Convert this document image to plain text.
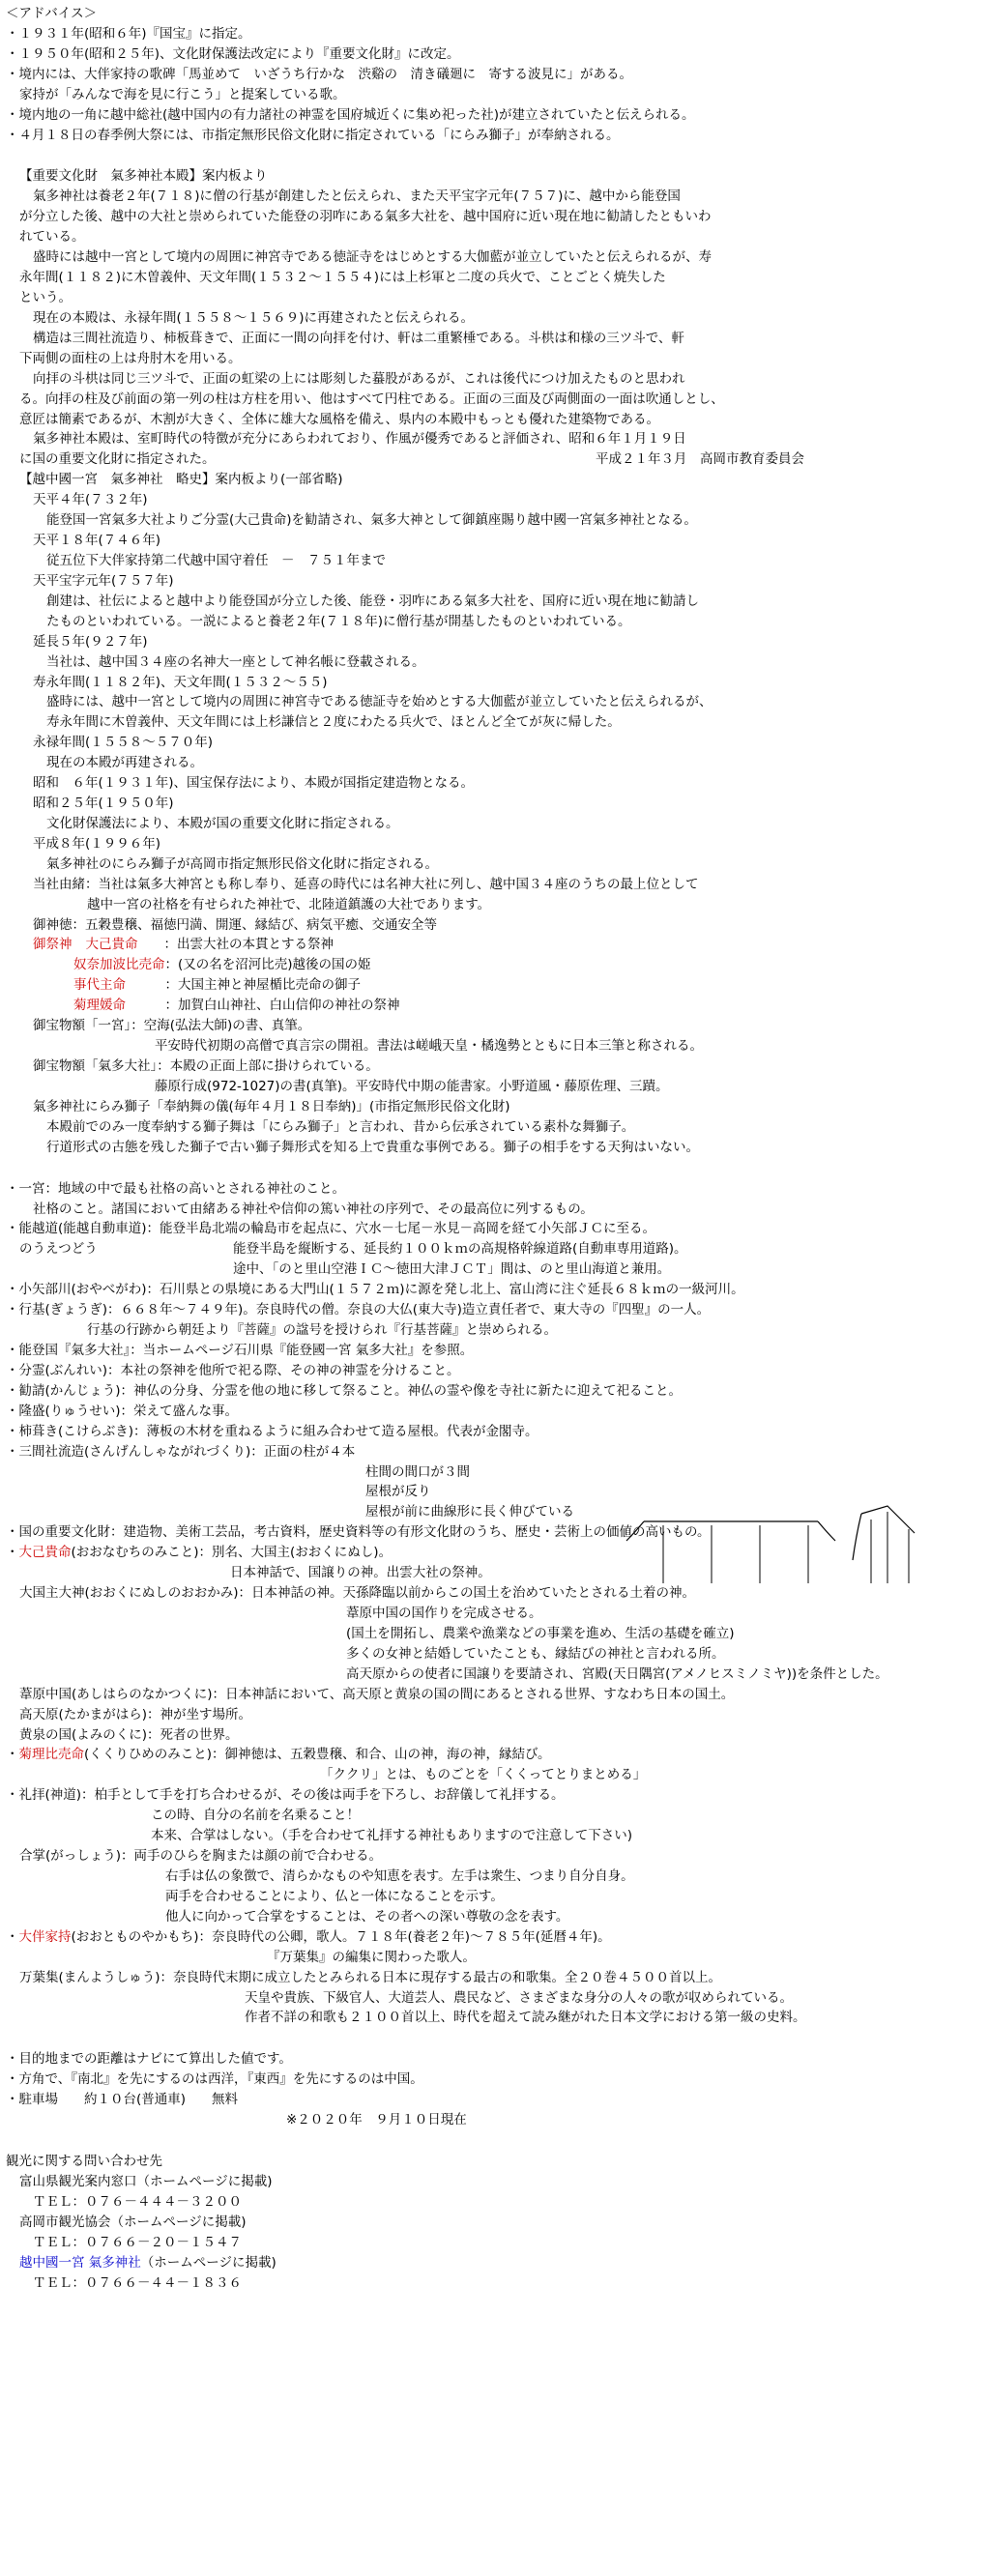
＜アドバイス＞
・１９３１年(昭和６年)『国宝』に指定。
・１９５０年(昭和２５年)、文化財保護法改定により『重要文化財』に改定。
・境内には、大伴家持の歌碑「馬並めて　いざうち行かな　渋谿の　清き礒廻に　寄する波見に」がある。
家持が「みんなで海を見に行こう」と提案している歌。
・境内地の一角に越中総社(越中国内の有力諸社の神霊を国府城近くに集め祀った社)が建立されていたと伝えられる。
・４月１８日の春季例大祭には、市指定無形民俗文化財に指定されている「にらみ獅子」が奉納される。
【重要文化財　氣多神社本殿】案内板より
氣多神社は養老２年(７１８)に僧の行基が創建したと伝えられ、また天平宝字元年(７５７)に、越中から能登国
が分立した後、越中の大社と崇められていた能登の羽咋にある氣多大社を、越中国府に近い現在地に勧請したともいわ
れている。
盛時には越中一宮として境内の周囲に神宮寺である徳証寺をはじめとする大伽藍が並立していたと伝えられるが、寿
永年間(１１８２)に木曽義仲、天文年間(１５３２～１５５４)には上杉軍と二度の兵火で、ことごとく焼失した
という。
現在の本殿は、永禄年間(１５５８～１５６９)に再建されたと伝えられる。
構造は三間社流造り、柿板葺きで、正面に一間の向拝を付け、軒は二重繁棰である。斗栱は和様の三ツ斗で、軒
下両側の面柱の上は舟肘木を用いる。
向拝の斗栱は同じ三ツ斗で、正面の虹梁の上には彫刻した蟇股があるが、これは後代につけ加えたものと思われ
る。向拝の柱及び前面の第一列の柱は方柱を用い、他はすべて円柱である。正面の三面及び両側面の一面は吹通しとし、
意匠は簡素であるが、木割が大きく、全体に雄大な風格を備え、県内の本殿中もっとも優れた建築物である。
氣多神社本殿は、室町時代の特徴が充分にあらわれており、作風が優秀であると評価され、昭和６年１月１９日
に国の重要文化財に指定された。	平成２１年３月　高岡市教育委員会
【越中國一宮　氣多神社　略史】案内板より(一部省略)
天平４年(７３２年)
能登国一宮氣多大社よりご分霊(大己貴命)を勧請され、氣多大神として御鎮座賜り越中國一宮氣多神社となる。
天平１８年(７４６年)
従五位下大伴家持第二代越中国守着任　－　７５１年まで
天平宝字元年(７５７年)
創建は、社伝によると越中より能登国が分立した後、能登・羽咋にある氣多大社を、国府に近い現在地に勧請し
たものといわれている。一説によると養老２年(７１８年)に僧行基が開基したものといわれている。
延長５年(９２７年)
当社は、越中国３４座の名神大一座として神名帳に登載される。
寿永年間(１１８２年)、天文年間(１５３２～５５)
盛時には、越中一宮として境内の周囲に神宮寺である徳証寺を始めとする大伽藍が並立していたと伝えられるが、
寿永年間に木曽義仲、天文年間には上杉謙信と２度にわたる兵火で、ほとんど全てが灰に帰した。
永禄年間(１５５８～５７０年)
現在の本殿が再建される。
昭和　６年(１９３１年)、国宝保存法により、本殿が国指定建造物となる。
昭和２５年(１９５０年)
文化財保護法により、本殿が国の重要文化財に指定される。
平成８年(１９９６年)
氣多神社のにらみ獅子が高岡市指定無形民俗文化財に指定される。
当社由緒：当社は氣多大神宮とも称し奉り、延喜の時代には名神大社に列し、越中国３４座のうちの最上位として
越中一宮の社格を有せられた神社で、北陸道鎮護の大社であります。
御神徳：五穀豊穣、福徳円満、開運、縁結び、病気平癒、交通安全等
御祭神 大己貴命 　　：出雲大社の本貫とする祭神
奴奈加波比売命 ：(又の名を沼河比売)越後の国の姫
事代主命 　　　：大国主神と神屋楯比売命の御子
菊理媛命 　　　：加賀白山神社、白山信仰の神社の祭神
御宝物額「一宮」：空海(弘法大師)の書、真筆。
平安時代初期の高僧で真言宗の開祖。書法は嵯峨天皇・橘逸勢とともに日本三筆と称される。
御宝物額「氣多大社」：本殿の正面上部に掛けられている。
藤原行成(972-1027)の書(真筆)。平安時代中期の能書家。小野道風・藤原佐理、三蹟。
氣多神社にらみ獅子「奉納舞の儀(毎年４月１８日奉納)」(市指定無形民俗文化財)
本殿前でのみ一度奉納する獅子舞は「にらみ獅子」と言われ、昔から伝承されている素朴な舞獅子。
行道形式の古態を残した獅子で古い獅子舞形式を知る上で貴重な事例である。獅子の相手をする天狗はいない。
・一宮：地域の中で最も社格の高いとされる神社のこと。
社格のこと。諸国において由緒ある神社や信仰の篤い神社の序列で、その最高位に列するもの。
・能越道(能越自動車道)：能登半島北端の輪島市を起点に、穴水－七尾－氷見－高岡を経て小矢部ＪＣに至る。
のうえつどう	能登半島を縦断する、延長約１００ｋｍの高規格幹線道路(自動車専用道路)。
途中、「のと里山空港ＩＣ～徳田大津ＪＣＴ」間は、のと里山海道と兼用。
・小矢部川(おやべがわ)：石川県との県境にある大門山(１５７２ｍ)に源を発し北上、富山湾に注ぐ延長６８ｋｍの一級河川。
・行基(ぎょうぎ)：６６８年～７４９年)。奈良時代の僧。奈良の大仏(東大寺)造立責任者で、東大寺の『四聖』の一人。
行基の行跡から朝廷より『菩薩』の諡号を授けられ『行基菩薩』と崇められる。
・能登国『氣多大社』：当ホームページ石川県『能登國一宮 氣多大社』を参照。
・分霊(ぶんれい)：本社の祭神を他所で祀る際、その神の神霊を分けること。
・勧請(かんじょう)：神仏の分身、分霊を他の地に移して祭ること。神仏の霊や像を寺社に新たに迎えて祀ること。
・隆盛(りゅうせい)：栄えて盛んな事。
・柿葺き(こけらぶき)：薄板の木材を重ねるように組み合わせて造る屋根。代表が金閣寺。
・三間社流造(さんげんしゃながれづくり)：正面の柱が４本
柱間の間口が３間
屋根が反り
屋根が前に曲線形に長く伸びている
・国の重要文化財：建造物、美術工芸品，考古資料，歴史資料等の有形文化財のうち、歴史・芸術上の価値の高いもの。
・ 大己貴命 (おおなむちのみこと)：別名、大国主(おおくにぬし)。
日本神話で、国譲りの神。出雲大社の祭神。
大国主大神(おおくにぬしのおおかみ)：日本神話の神。天孫降臨以前からこの国土を治めていたとされる土着の神。
葦原中国の国作りを完成させる。
(国土を開拓し、農業や漁業などの事業を進め、生活の基礎を確立)
多くの女神と結婚していたことも、縁結びの神社と言われる所。
高天原からの使者に国譲りを要請され、宮殿(天日隅宮(アメノヒスミノミヤ))を条件とした。
葦原中国(あしはらのなかつくに)：日本神話において、高天原と黄泉の国の間にあるとされる世界、すなわち日本の国土。
高天原(たかまがはら)：神が坐す場所。
黄泉の国(よみのくに)：死者の世界。
・ 菊理比売命 (くくりひめのみこと)：御神徳は、五穀豊穣、和合、山の神，海の神，縁結び。
「ククリ」とは、ものごとを「くくってとりまとめる」
・礼拝(神道)：柏手として手を打ち合わせるが、その後は両手を下ろし、お辞儀して礼拝する。
この時、自分の名前を名乗ること！
本来、合掌はしない。（手を合わせて礼拝する神社もありますので注意して下さい)
合掌(がっしょう)：両手のひらを胸または顔の前で合わせる。
右手は仏の象徴で、清らかなものや知恵を表す。左手は衆生、つまり自分自身。
両手を合わせることにより、仏と一体になることを示す。
他人に向かって合掌をすることは、その者への深い尊敬の念を表す。
・ 大伴家持 (おおとものやかもち)：奈良時代の公卿，歌人。７１８年(養老２年)～７８５年(延暦４年)。
『万葉集』の編集に関わった歌人。
万葉集(まんようしゅう)：奈良時代末期に成立したとみられる日本に現存する最古の和歌集。全２０巻４５００首以上。
天皇や貴族、下級官人、大道芸人、農民など、さまざまな身分の人々の歌が収められている。
作者不詳の和歌も２１００首以上、時代を超えて読み継がれた日本文学における第一級の史料。
・目的地までの距離はナビにて算出した値です。
・方角で、『南北』を先にするのは西洋，『東西』を先にするのは中国。
・駐車場　　約１０台(普通車)　　無料
※２０２０年　９月１０日現在
観光に関する問い合わせ先
富山県観光案内窓口（ホームページに掲載)
ＴＥＬ：０７６－４４４－３２００
高岡市観光協会（ホームページに掲載)
ＴＥＬ：０７６６－２０－１５４７
越中國一宮 氣多神社 （ホームページに掲載)
ＴＥＬ：０７６６－４４－１８３６
